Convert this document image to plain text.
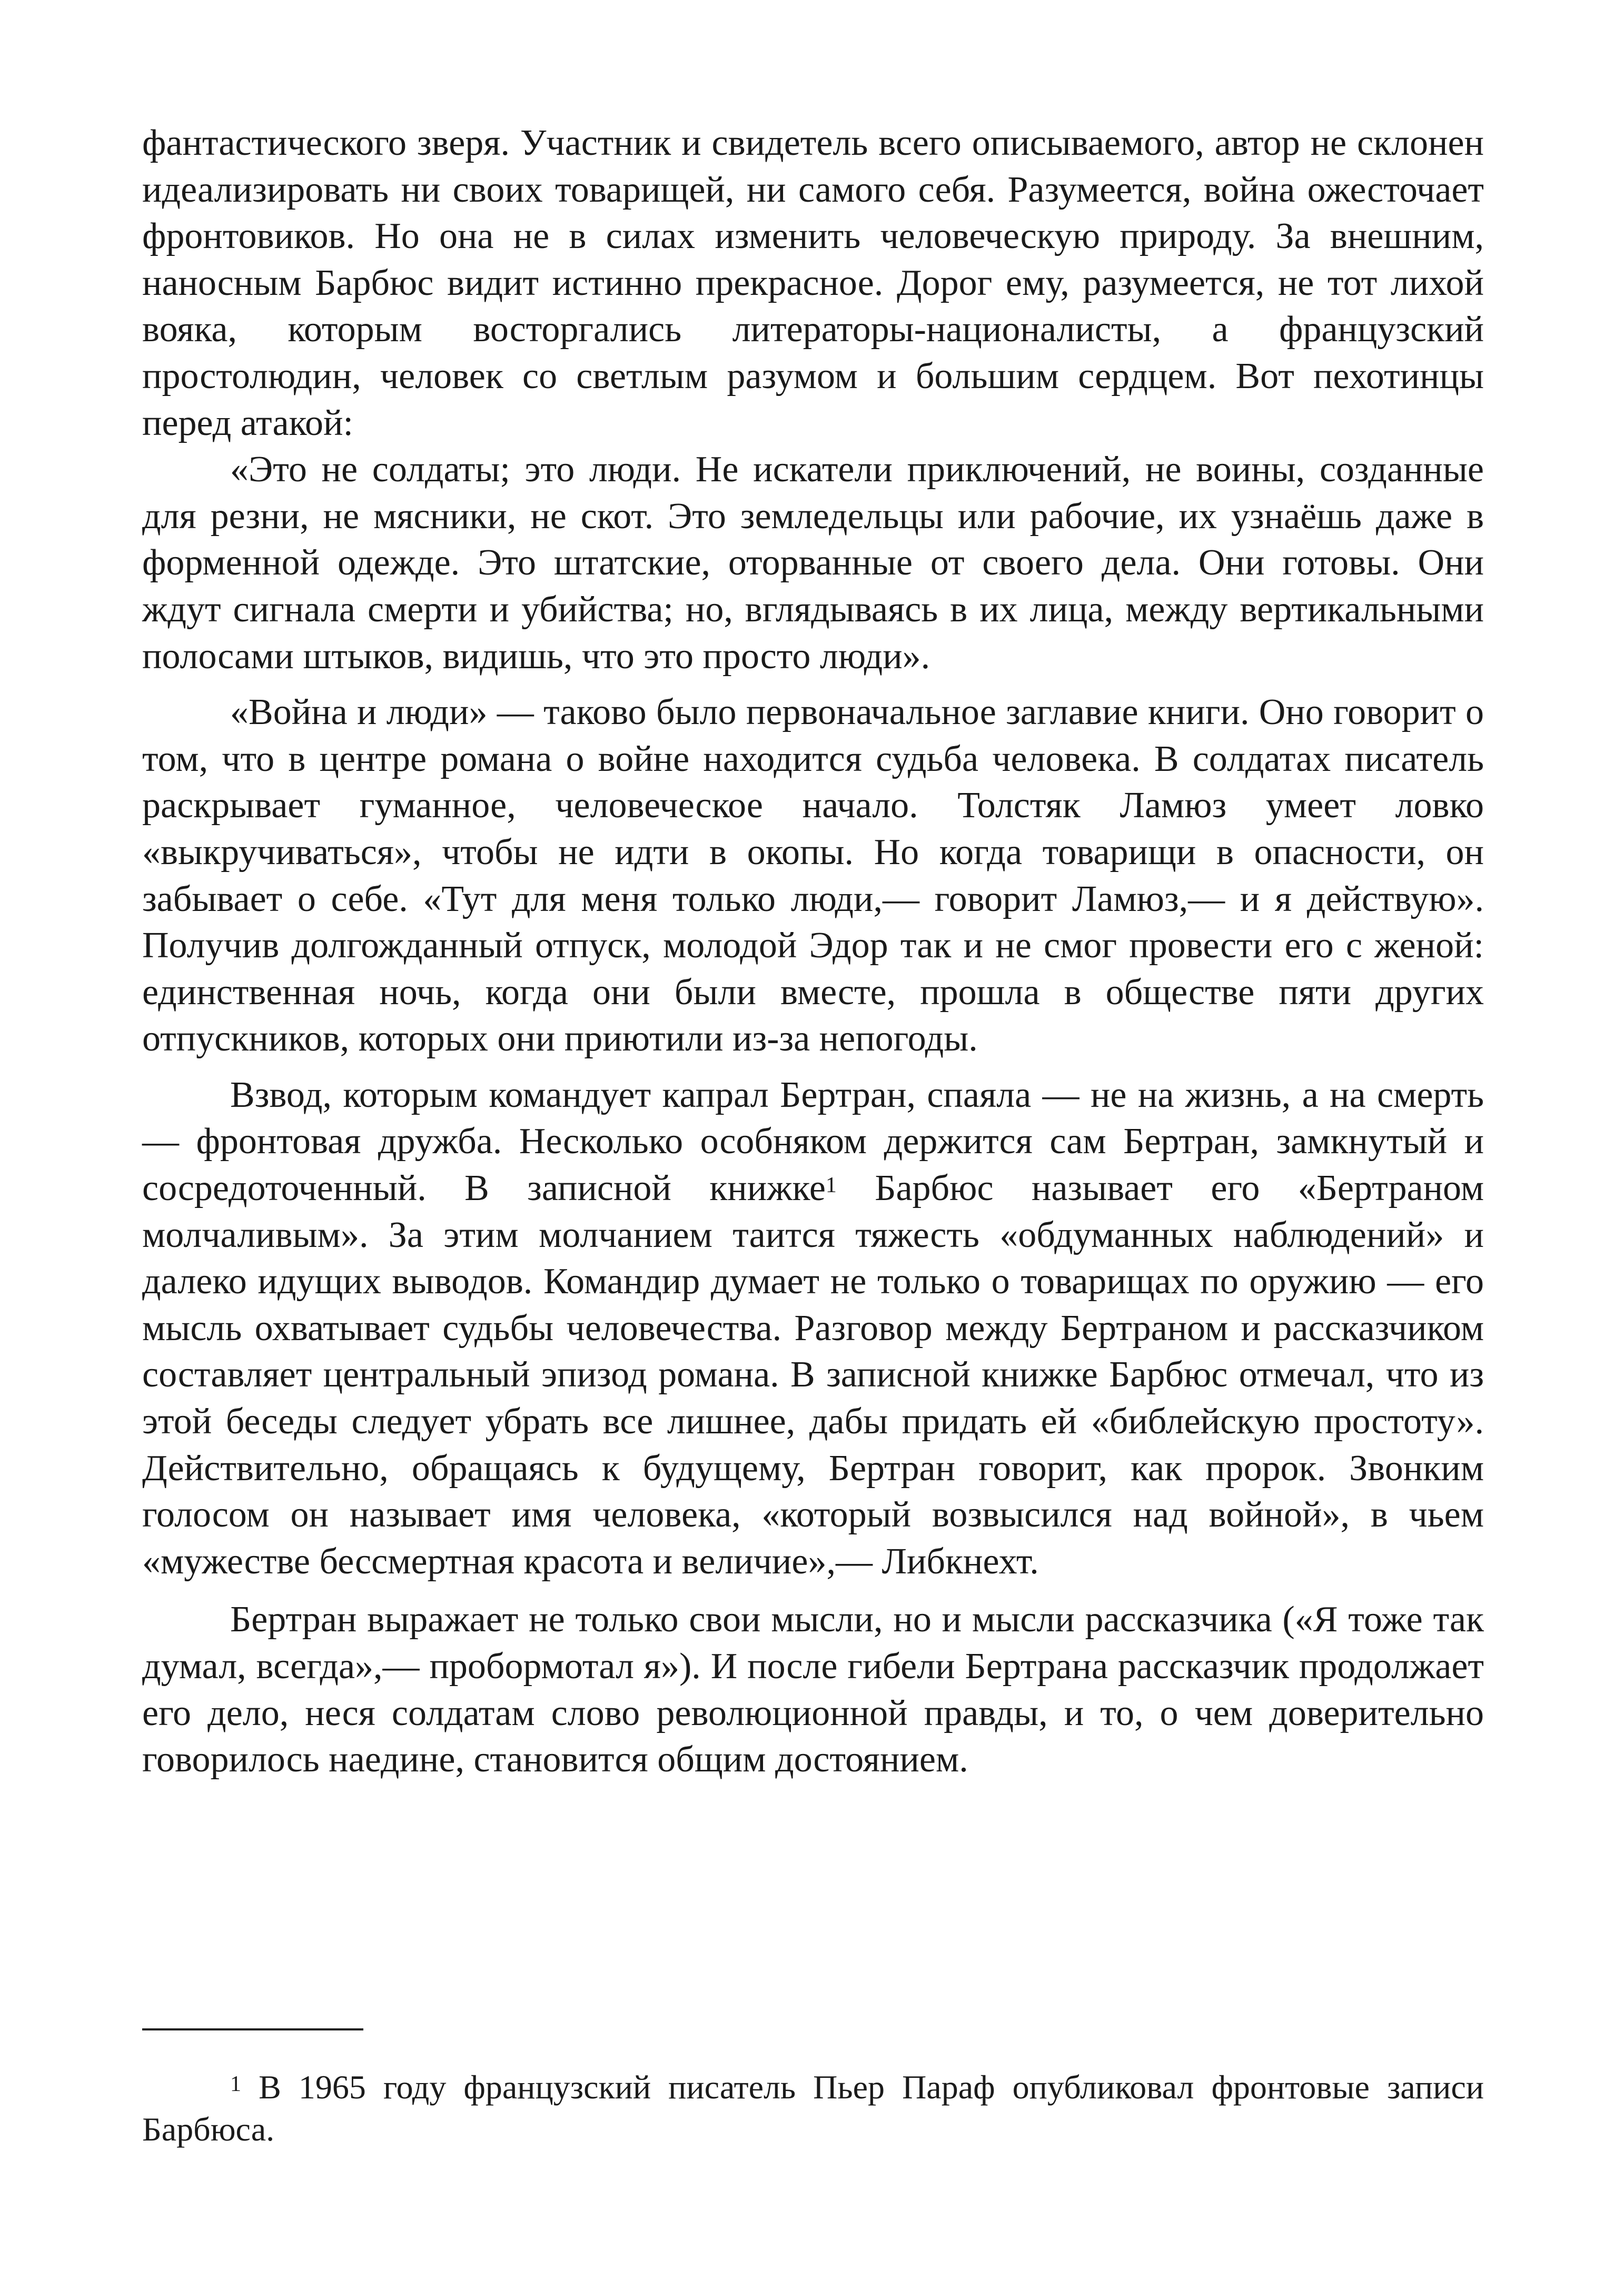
фантастического зверя. Участник и свидетель всего описываемого, автор не склонен идеализировать ни своих товарищей, ни самого себя. Разумеется, война ожесточает фронтовиков. Но она не в силах изменить человеческую природу. За внешним, наносным Барбюс видит истинно прекрасное. Дорог ему, разумеется, не тот лихой вояка, которым восторгались литераторы-националисты, а французский простолюдин, человек со светлым разумом и большим сердцем. Вот пехотинцы перед атакой:

«Это не солдаты; это люди. Не искатели приключений, не воины, созданные для резни, не мясники, не скот. Это земледельцы или рабочие, их узнаёшь даже в форменной одежде. Это штатские, оторванные от своего дела. Они готовы. Они ждут сигнала смерти и убийства; но, вглядываясь в их лица, между вертикальными полосами штыков, видишь, что это просто люди».

«Война и люди» — таково было первоначальное заглавие книги. Оно говорит о том, что в центре романа о войне находится судьба человека. В солдатах писатель раскрывает гуманное, человеческое начало. Толстяк Ламюз умеет ловко «выкручиваться», чтобы не идти в окопы. Но когда товарищи в опасности, он забывает о себе. «Тут для меня только люди,— говорит Ламюз,— и я действую». Получив долгожданный отпуск, молодой Эдор так и не смог провести его с женой: единственная ночь, когда они были вместе, прошла в обществе пяти других отпускников, которых они приютили из-за непогоды.

Взвод, которым командует капрал Бертран, спаяла — не на жизнь, а на смерть — фронтовая дружба. Несколько особняком держится сам Бертран, замкнутый и сосредоточенный. В записной книжке$^1$ Барбюс называет его «Бертраном молчаливым». За этим молчанием таится тяжесть «обдуманных наблюдений» и далеко идущих выводов. Командир думает не только о товарищах по оружию — его мысль охватывает судьбы человечества. Разговор между Бертраном и рассказчиком составляет центральный эпизод романа. В записной книжке Барбюс отмечал, что из этой беседы следует убрать все лишнее, дабы придать ей «библейскую простоту». Действительно, обращаясь к будущему, Бертран говорит, как пророк. Звонким голосом он называет имя человека, «который возвысился над войной», в чьем «мужестве бессмертная красота и величие»,— Либкнехт.

Бертран выражает не только свои мысли, но и мысли рассказчика («Я тоже так думал, всегда»,— пробормотал я»). И после гибели Бертрана рассказчик продолжает его дело, неся солдатам слово революционной правды, и то, о чем доверительно говорилось наедине, становится общим достоянием.

$^1$ В 1965 году французский писатель Пьер Параф опубликовал фронтовые записи Барбюса.
